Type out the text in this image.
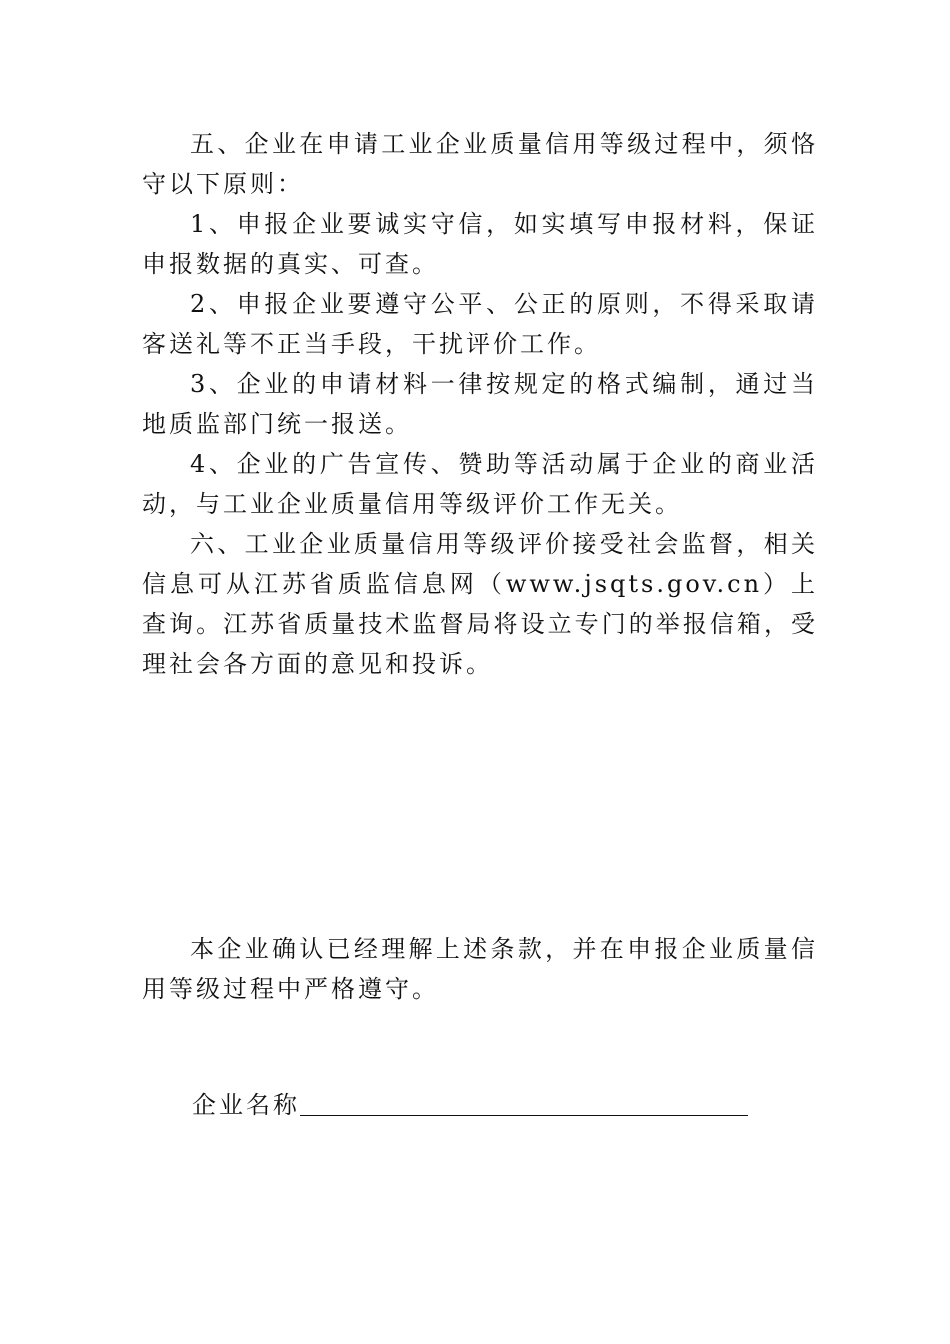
五、企业在申请工业企业质量信用等级过程中，须恪守以下原则：

1、申报企业要诚实守信，如实填写申报材料，保证申报数据的真实、可查。

2、申报企业要遵守公平、公正的原则，不得采取请客送礼等不正当手段，干扰评价工作。

3、企业的申请材料一律按规定的格式编制，通过当地质监部门统一报送。

4、企业的广告宣传、赞助等活动属于企业的商业活动，与工业企业质量信用等级评价工作无关。

六、工业企业质量信用等级评价接受社会监督，相关信息可从江苏省质监信息网（www.jsqts.gov.cn）上查询。江苏省质量技术监督局将设立专门的举报信箱，受理社会各方面的意见和投诉。

本企业确认已经理解上述条款，并在申报企业质量信用等级过程中严格遵守。

企业名称
